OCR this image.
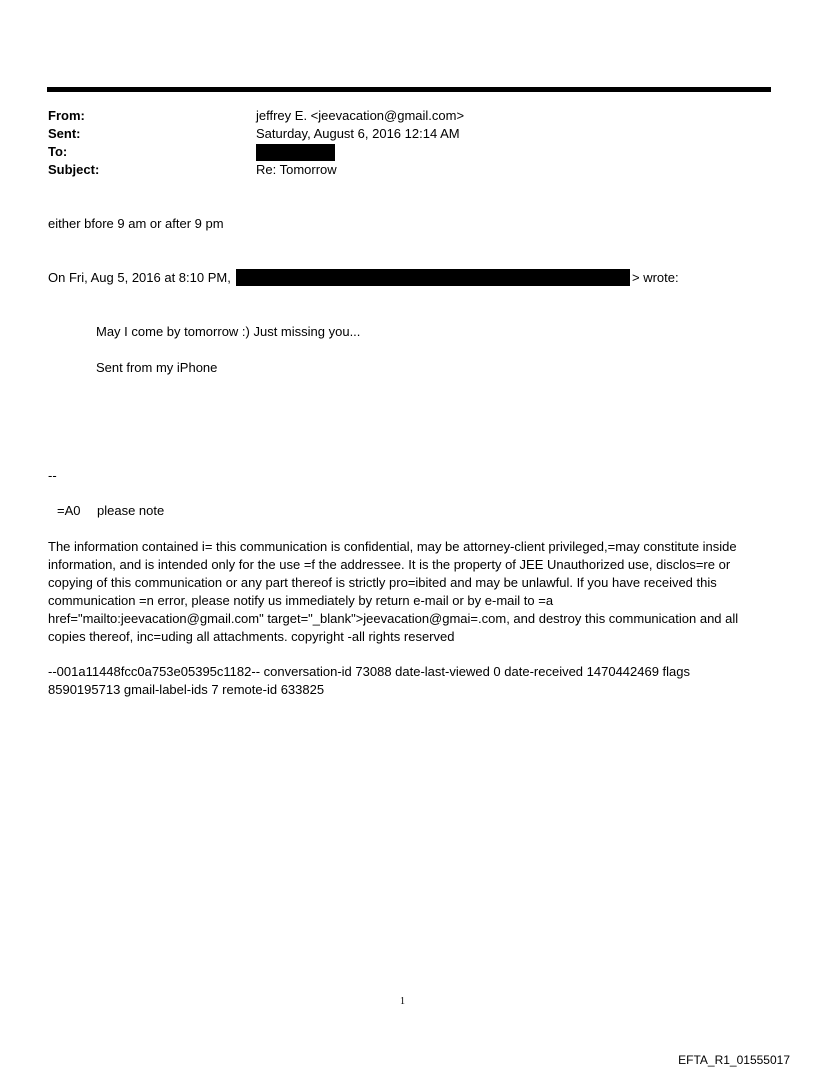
From:	jeffrey E. <jeevacation@gmail.com>
Sent:	Saturday, August 6, 2016 12:14 AM
To:
Subject:	Re: Tomorrow
either bfore 9 am or after 9 pm
On Fri, Aug 5, 2016 at 8:10 PM,	> wrote:
May I come by tomorrow :) Just missing you...
Sent from my iPhone
--
=A0 please note
The information contained i= this communication is confidential, may be attorney-client privileged,=may constitute inside information, and is intended only for the use =f the addressee. It is the property of JEE Unauthorized use, disclos=re or copying of this communication or any part thereof is strictly pro=ibited and may be unlawful. If you have received this communication =n error, please notify us immediately by return e-mail or by e-mail to =a href="mailto:jeevacation@gmail.com" target="_blank">jeevacation@gmai=.com, and destroy this communication and all copies thereof, inc=uding all attachments. copyright -all rights reserved
--001a11448fcc0a753e05395c1182-- conversation-id 73088 date-last-viewed 0 date-received 1470442469 flags 8590195713 gmail-label-ids 7 remote-id 633825
1
EFTA_R1_01555017
